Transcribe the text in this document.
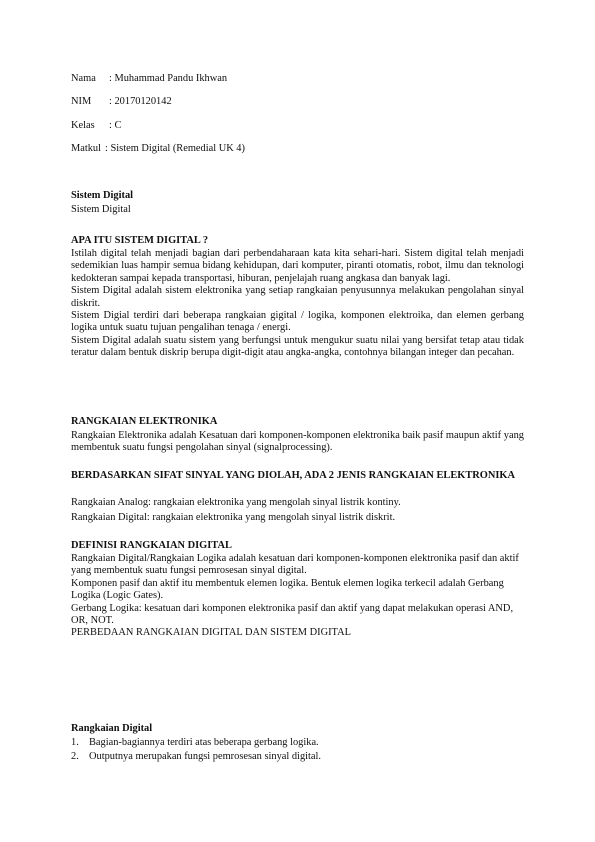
Nama : Muhammad Pandu Ikhwan
NIM : 20170120142
Kelas : C
Matkul : Sistem Digital (Remedial UK 4)
Sistem Digital
Sistem Digital
APA ITU SISTEM DIGITAL ?
Istilah digital telah menjadi bagian dari perbendaharaan kata kita sehari-hari. Sistem digital telah menjadi sedemikian luas hampir semua bidang kehidupan, dari komputer, piranti otomatis, robot, ilmu dan teknologi kedokteran sampai kepada transportasi, hiburan, penjelajah ruang angkasa dan banyak lagi.
Sistem Digital adalah sistem elektronika yang setiap rangkaian penyusunnya melakukan pengolahan sinyal diskrit.
Sistem Digial terdiri dari beberapa rangkaian gigital / logika, komponen elektroika, dan elemen gerbang logika untuk suatu tujuan pengalihan tenaga / energi.
Sistem Digital adalah suatu sistem yang berfungsi untuk mengukur suatu nilai yang bersifat tetap atau tidak teratur dalam bentuk diskrip berupa digit-digit atau angka-angka, contohnya bilangan integer dan pecahan.
RANGKAIAN ELEKTRONIKA
Rangkaian Elektronika adalah Kesatuan dari komponen-komponen elektronika baik pasif maupun aktif yang membentuk suatu fungsi pengolahan sinyal (signalprocessing).
BERDASARKAN SIFAT SINYAL YANG DIOLAH, ADA 2 JENIS RANGKAIAN ELEKTRONIKA
Rangkaian Analog: rangkaian elektronika yang mengolah sinyal listrik kontiny.
Rangkaian Digital: rangkaian elektronika yang mengolah sinyal listrik diskrit.
DEFINISI RANGKAIAN DIGITAL
Rangkaian Digital/Rangkaian Logika adalah kesatuan dari komponen-komponen elektronika pasif dan aktif
yang membentuk suatu fungsi pemrosesan sinyal digital.
Komponen pasif dan aktif itu membentuk elemen logika. Bentuk elemen logika terkecil adalah Gerbang
Logika (Logic Gates).
Gerbang Logika: kesatuan dari komponen elektronika pasif dan aktif yang dapat melakukan operasi AND,
OR, NOT.
PERBEDAAN RANGKAIAN DIGITAL DAN SISTEM DIGITAL
Rangkaian Digital
1. Bagian-bagiannya terdiri atas beberapa gerbang logika.
2. Outputnya merupakan fungsi pemrosesan sinyal digital.
